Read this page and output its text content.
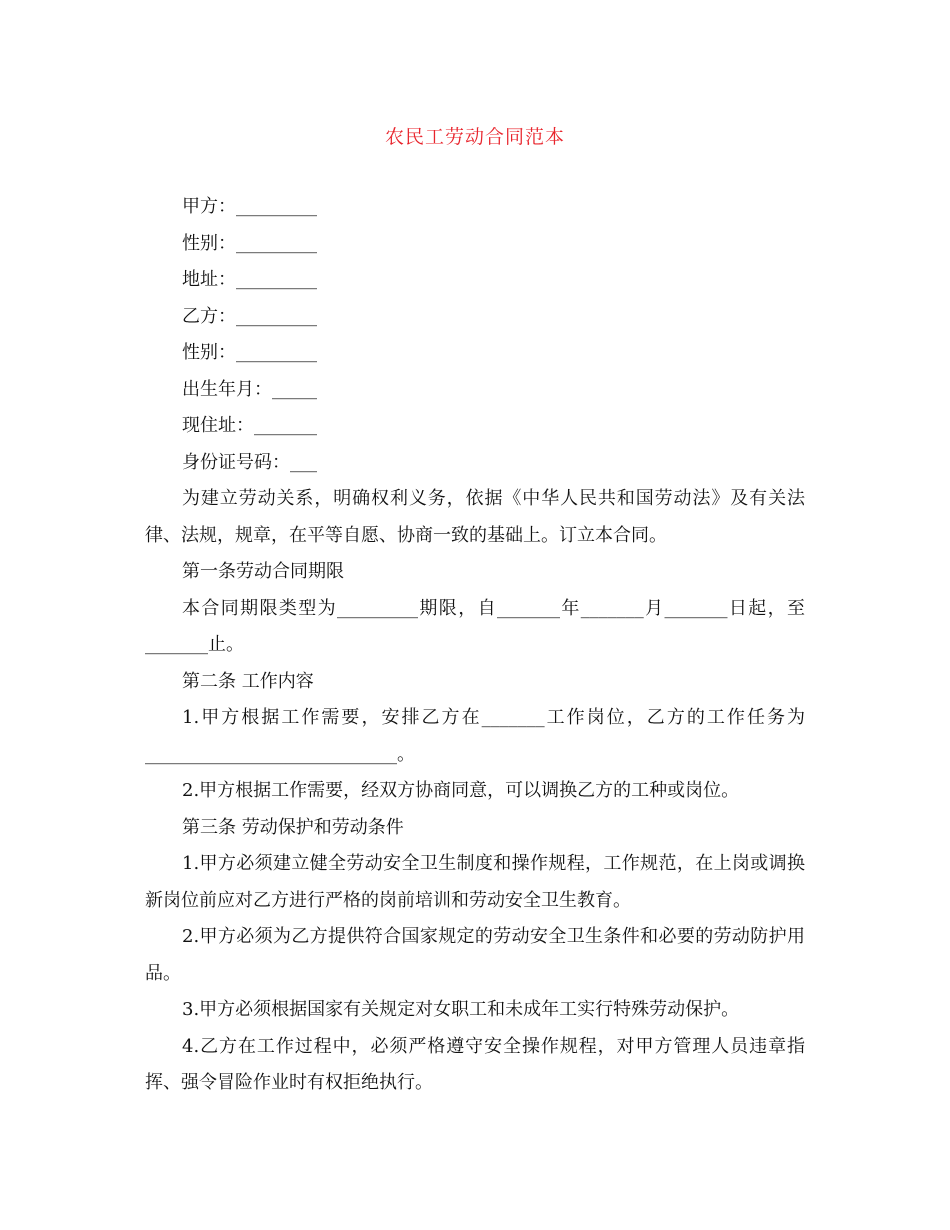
农民工劳动合同范本
甲方：_________
性别：_________
地址：_________
乙方：_________
性别：_________
出生年月：_____
现住址：_______
身份证号码：___
为建立劳动关系，明确权利义务，依据《中华人民共和国劳动法》及有关法律、法规，规章，在平等自愿、协商一致的基础上。订立本合同。
第一条劳动合同期限
本合同期限类型为_________期限，自_______年_______月_______日起，至_______止。
第二条 工作内容
1.甲方根据工作需要，安排乙方在_______工作岗位，乙方的工作任务为____________________________。
2.甲方根据工作需要，经双方协商同意，可以调换乙方的工种或岗位。
第三条 劳动保护和劳动条件
1.甲方必须建立健全劳动安全卫生制度和操作规程，工作规范，在上岗或调换新岗位前应对乙方进行严格的岗前培训和劳动安全卫生教育。
2.甲方必须为乙方提供符合国家规定的劳动安全卫生条件和必要的劳动防护用品。
3.甲方必须根据国家有关规定对女职工和未成年工实行特殊劳动保护。
4.乙方在工作过程中，必须严格遵守安全操作规程，对甲方管理人员违章指挥、强令冒险作业时有权拒绝执行。
